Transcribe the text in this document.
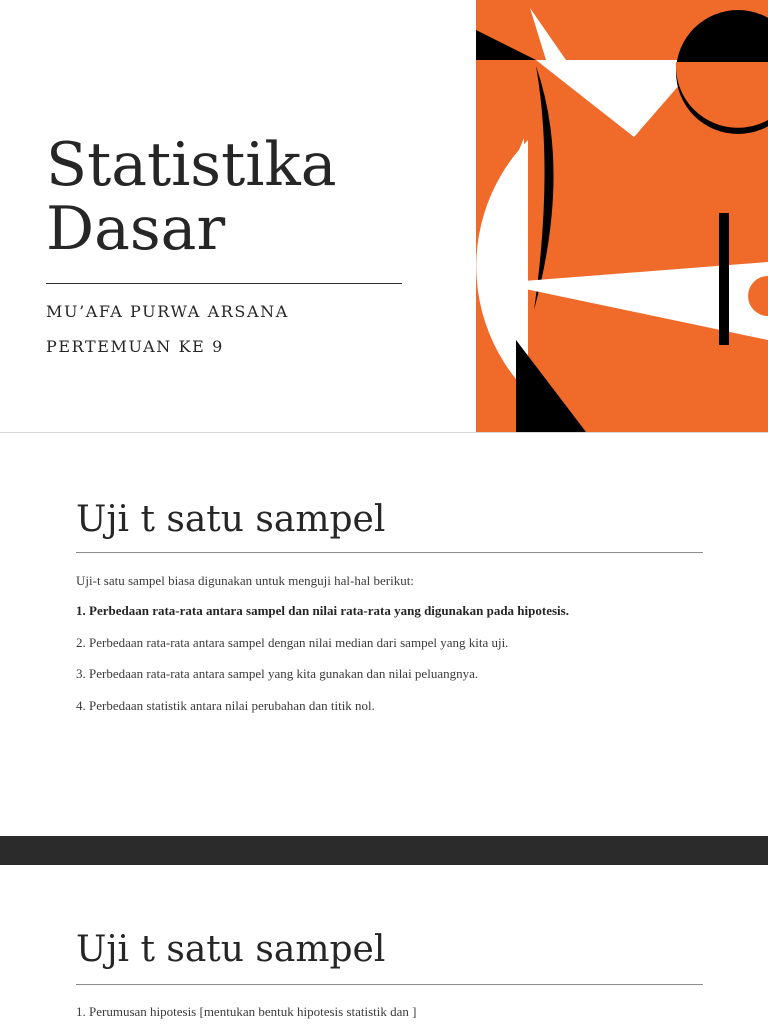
Statistika Dasar
MU’AFA PURWA ARSANA
PERTEMUAN KE 9
Uji t satu sampel
Uji-t satu sampel biasa digunakan untuk menguji hal-hal berikut:
1. Perbedaan rata-rata antara sampel dan nilai rata-rata yang digunakan pada hipotesis.
2. Perbedaan rata-rata antara sampel dengan nilai median dari sampel yang kita uji.
3. Perbedaan rata-rata antara sampel yang kita gunakan dan nilai peluangnya.
4. Perbedaan statistik antara nilai perubahan dan titik nol.
Uji t satu sampel
1. Perumusan hipotesis [mentukan bentuk hipotesis statistik dan ]
